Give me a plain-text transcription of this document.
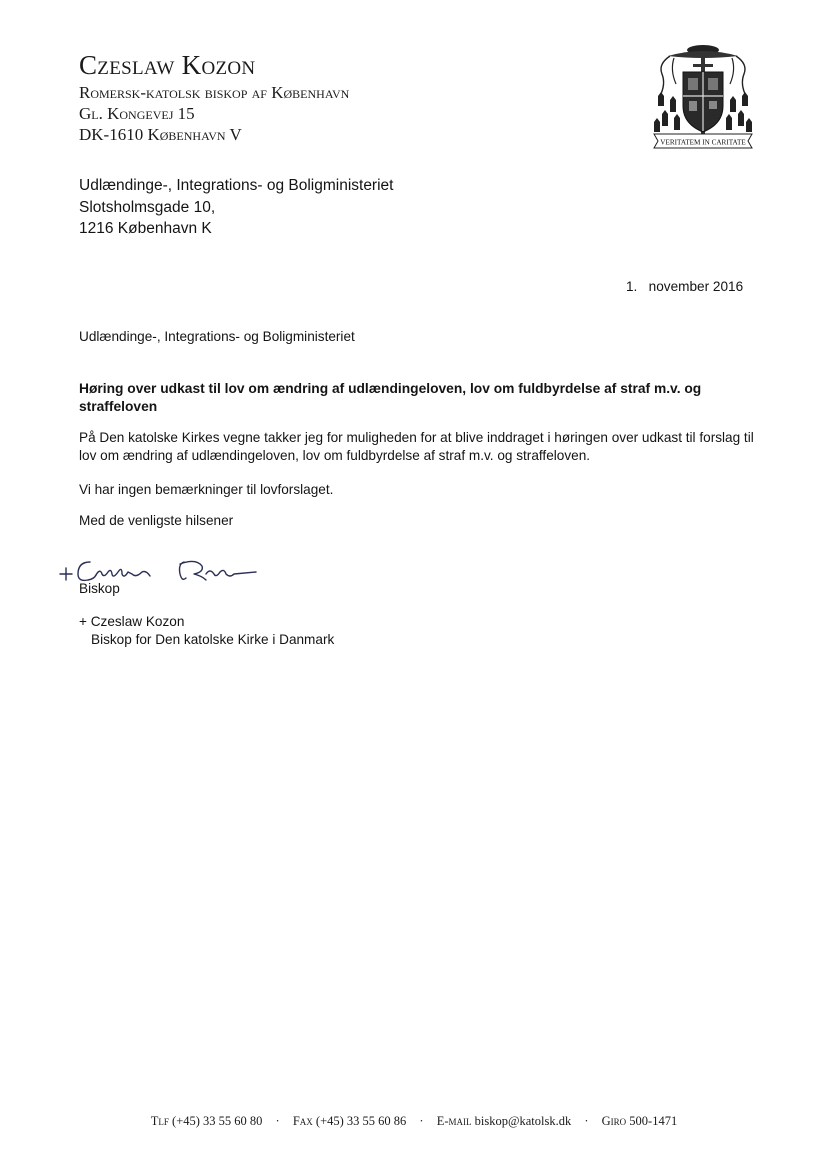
Czeslaw Kozon
Romersk-katolsk biskop af København
Gl. Kongevej 15
DK-1610 København V	VERITATEM IN CARITATE
Udlændinge-, Integrations- og Boligministeriet
Slotsholmsgade 10,
1216 København K
1.   november 2016
Udlændinge-, Integrations- og Boligministeriet
Høring over udkast til lov om ændring af udlændingeloven, lov om fuldbyrdelse af straf m.v. og straffeloven
På Den katolske Kirkes vegne takker jeg for muligheden for at blive inddraget i høringen over udkast til forslag til lov om ændring af udlændingeloven, lov om fuldbyrdelse af straf m.v. og straffeloven.
Vi har ingen bemærkninger til lovforslaget.
Med de venligste hilsener
Biskop
+ Czeslaw Kozon
Biskop for Den katolske Kirke i Danmark
Tlf (+45) 33 55 60 80 · Fax (+45) 33 55 60 86 · E-mail biskop@katolsk.dk · Giro 500-1471
